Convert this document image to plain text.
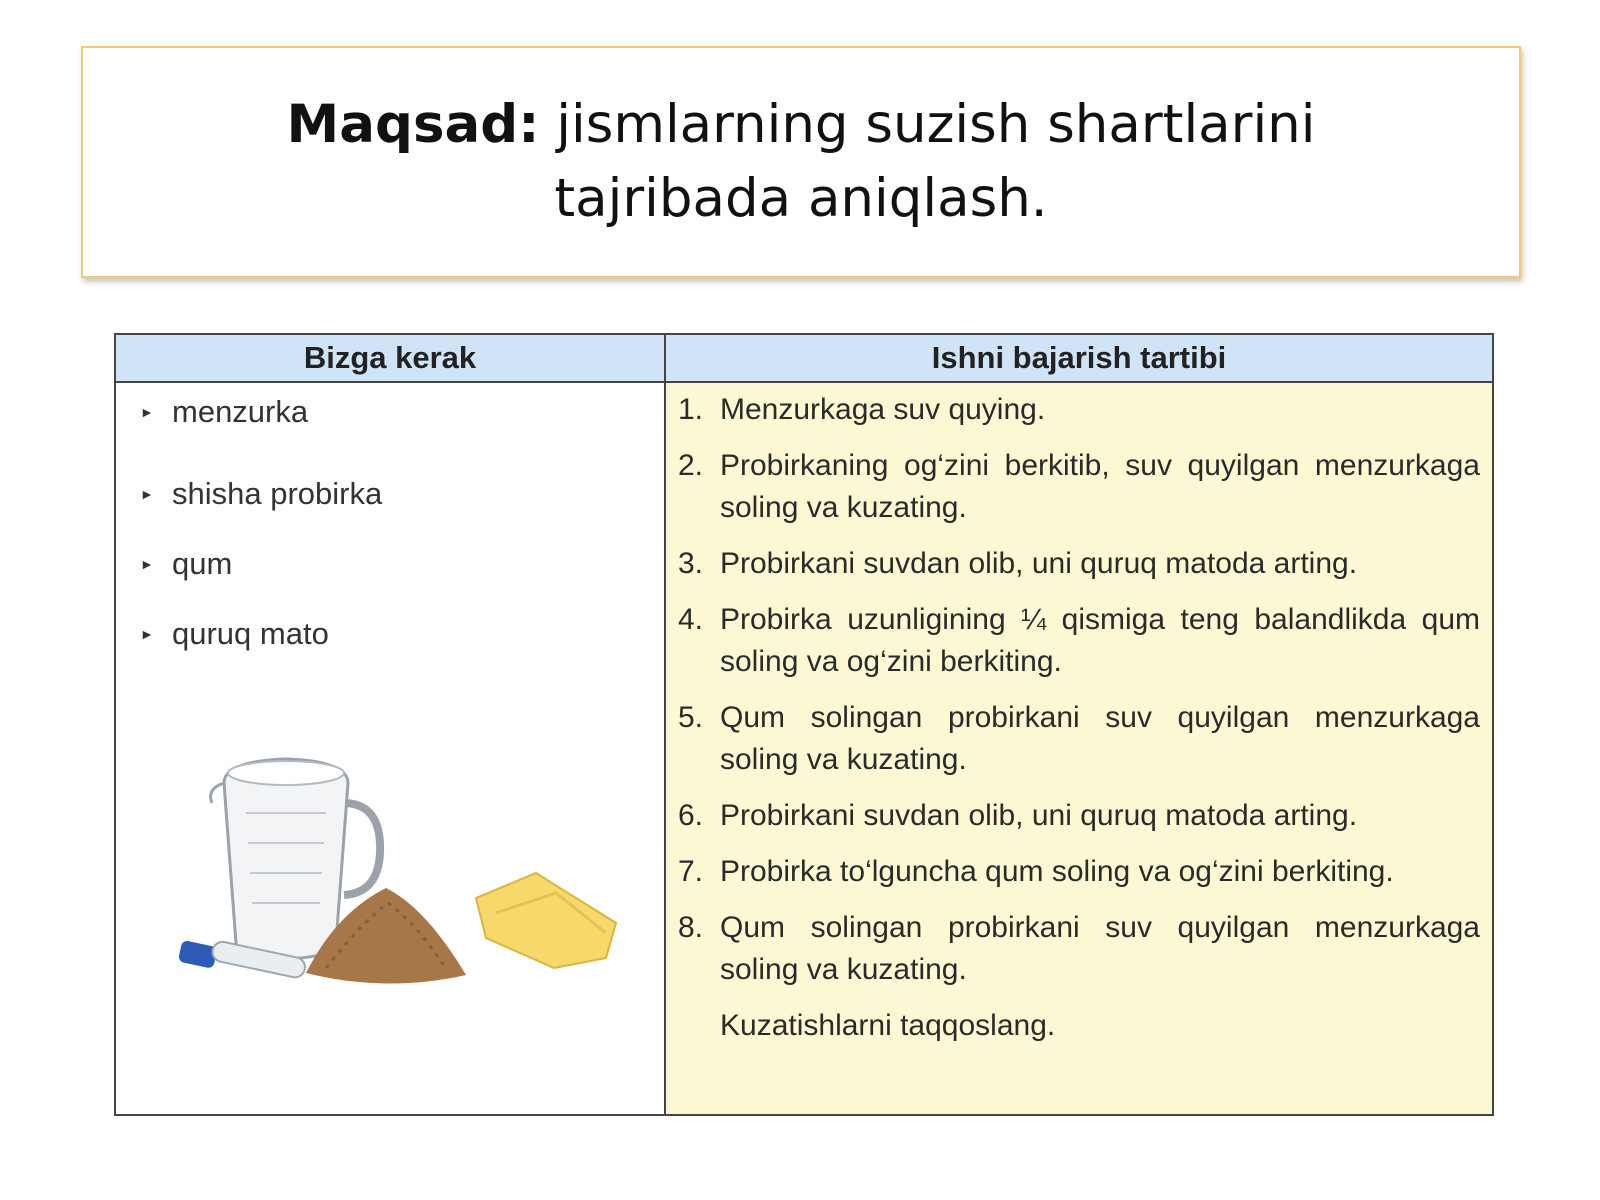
Maqsad: jismlarning suzish shartlarini tajribada aniqlash.
Bizga kerak	Ishni bajarish tartibi
► menzurka
► shisha probirka
► qum
► quruq mato
1. Menzurkaga suv quying.
2. Probirkaning og‘zini berkitib, suv quyilgan menzurkaga soling va kuzating.
3. Probirkani suvdan olib, uni quruq matoda arting.
4. Probirka uzunligining ¼ qismiga teng balandlikda qum soling va og‘zini berkiting.
5. Qum solingan probirkani suv quyilgan menzurkaga soling va kuzating.
6. Probirkani suvdan olib, uni quruq matoda arting.
7. Probirka to‘lguncha qum soling va og‘zini berkiting.
8. Qum solingan probirkani suv quyilgan menzurkaga soling va kuzating.
Kuzatishlarni taqqoslang.
